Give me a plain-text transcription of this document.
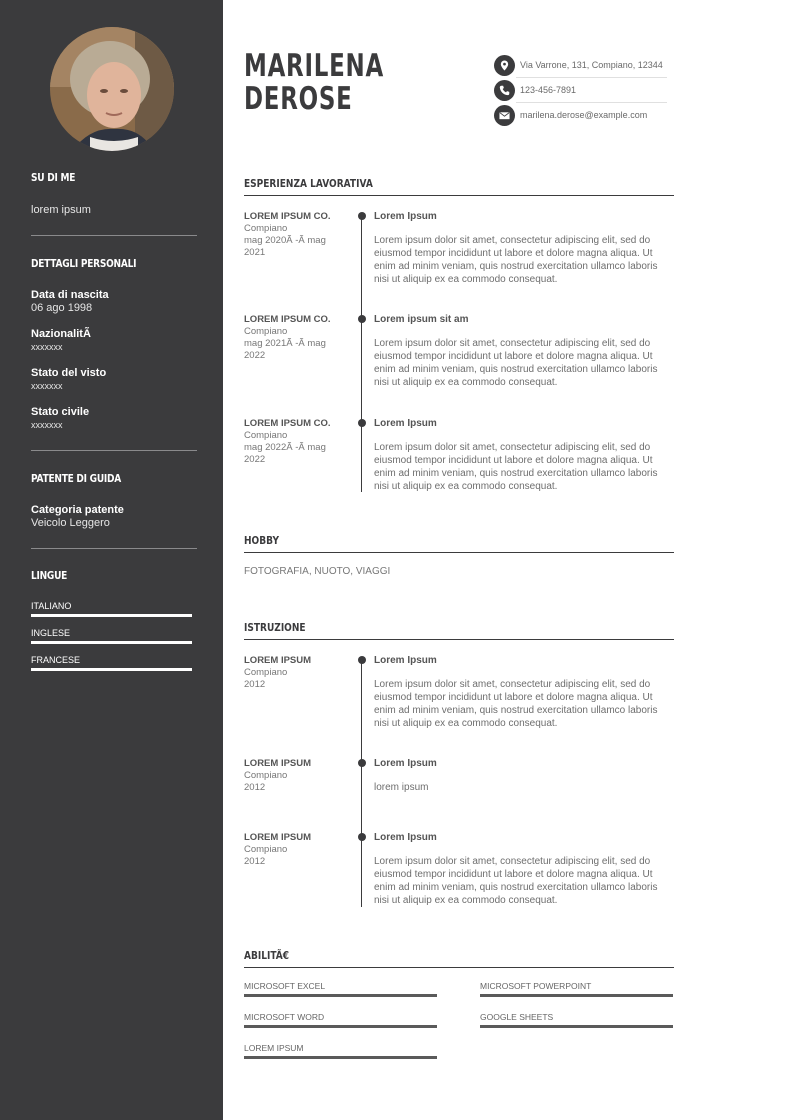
SU DI ME
lorem ipsum
DETTAGLI PERSONALI
Data di nascita
06 ago 1998
NazionalitÃ
xxxxxxx
Stato del visto
xxxxxxx
Stato civile
xxxxxxx
PATENTE DI GUIDA
Categoria patente
Veicolo Leggero
LINGUE
ITALIANO
INGLESE
FRANCESE
MARILENA
DEROSE
Via Varrone, 131, Compiano, 12344
123-456-7891
marilena.derose@example.com
ESPERIENZA LAVORATIVA
LOREM IPSUM CO.
Compiano
mag 2020Ã -Ã mag
2021
Lorem Ipsum
Lorem ipsum dolor sit amet, consectetur adipiscing elit, sed do eiusmod tempor incididunt ut labore et dolore magna aliqua. Ut enim ad minim veniam, quis nostrud exercitation ullamco laboris nisi ut aliquip ex ea commodo consequat.
LOREM IPSUM CO.
Compiano
mag 2021Ã -Ã mag
2022
Lorem ipsum sit am
Lorem ipsum dolor sit amet, consectetur adipiscing elit, sed do eiusmod tempor incididunt ut labore et dolore magna aliqua. Ut enim ad minim veniam, quis nostrud exercitation ullamco laboris nisi ut aliquip ex ea commodo consequat.
LOREM IPSUM CO.
Compiano
mag 2022Ã -Ã mag
2022
Lorem Ipsum
Lorem ipsum dolor sit amet, consectetur adipiscing elit, sed do eiusmod tempor incididunt ut labore et dolore magna aliqua. Ut enim ad minim veniam, quis nostrud exercitation ullamco laboris nisi ut aliquip ex ea commodo consequat.
HOBBY
FOTOGRAFIA, NUOTO, VIAGGI
ISTRUZIONE
LOREM IPSUM
Compiano
2012
Lorem Ipsum
Lorem ipsum dolor sit amet, consectetur adipiscing elit, sed do eiusmod tempor incididunt ut labore et dolore magna aliqua. Ut enim ad minim veniam, quis nostrud exercitation ullamco laboris nisi ut aliquip ex ea commodo consequat.
LOREM IPSUM
Compiano
2012
Lorem Ipsum
lorem ipsum
LOREM IPSUM
Compiano
2012
Lorem Ipsum
Lorem ipsum dolor sit amet, consectetur adipiscing elit, sed do eiusmod tempor incididunt ut labore et dolore magna aliqua. Ut enim ad minim veniam, quis nostrud exercitation ullamco laboris nisi ut aliquip ex ea commodo consequat.
ABILITÃ€
MICROSOFT EXCEL	MICROSOFT POWERPOINT
MICROSOFT WORD	GOOGLE SHEETS
LOREM IPSUM
